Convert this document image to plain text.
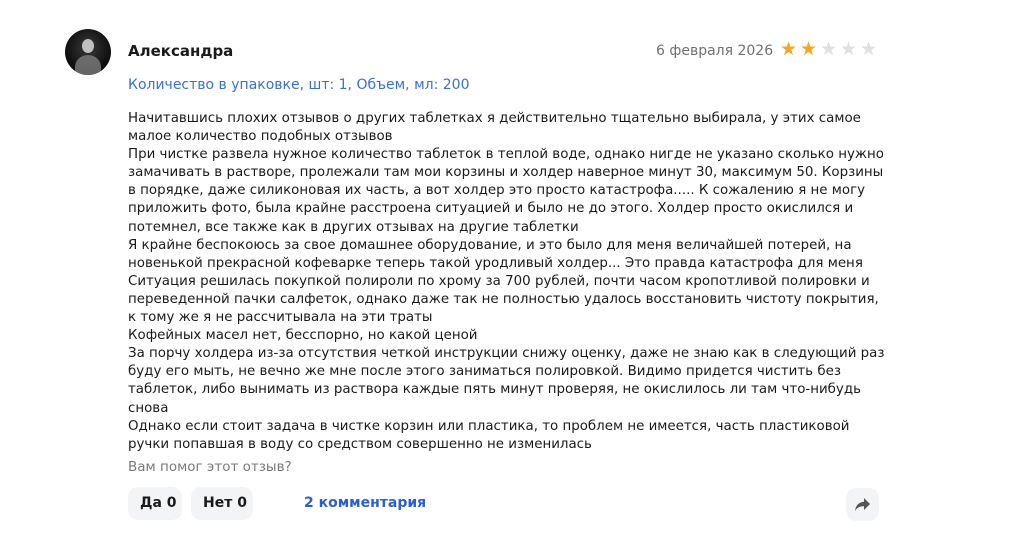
Александра	6 февраля 2026 ★ ★ ★ ★ ★
Количество в упаковке, шт: 1, Объем, мл: 200

Начитавшись плохих отзывов о других таблетках я действительно тщательно выбирала, у этих самое малое количество подобных отзывов

При чистке развела нужное количество таблеток в теплой воде, однако нигде не указано сколько нужно замачивать в растворе, пролежали там мои корзины и холдер наверное минут 30, максимум 50. Корзины в порядке, даже силиконовая их часть, а вот холдер это просто катастрофа..... К сожалению я не могу приложить фото, была крайне расстроена ситуацией и было не до этого. Холдер просто окислился и потемнел, все также как в других отзывах на другие таблетки

Я крайне беспокоюсь за свое домашнее оборудование, и это было для меня величайшей потерей, на новенькой прекрасной кофеварке теперь такой уродливый холдер... Это правда катастрофа для меня

Ситуация решилась покупкой полироли по хрому за 700 рублей, почти часом кропотливой полировки и переведенной пачки салфеток, однако даже так не полностью удалось восстановить чистоту покрытия, к тому же я не рассчитывала на эти траты

Кофейных масел нет, бесспорно, но какой ценой

За порчу холдера из-за отсутствия четкой инструкции снижу оценку, даже не знаю как в следующий раз буду его мыть, не вечно же мне после этого заниматься полировкой. Видимо придется чистить без таблеток, либо вынимать из раствора каждые пять минут проверяя, не окислилось ли там что-нибудь снова

Однако если стоит задача в чистке корзин или пластика, то проблем не имеется, часть пластиковой ручки попавшая в воду со средством совершенно не изменилась

Вам помог этот отзыв?
Да 0	Нет 0	2 комментария
